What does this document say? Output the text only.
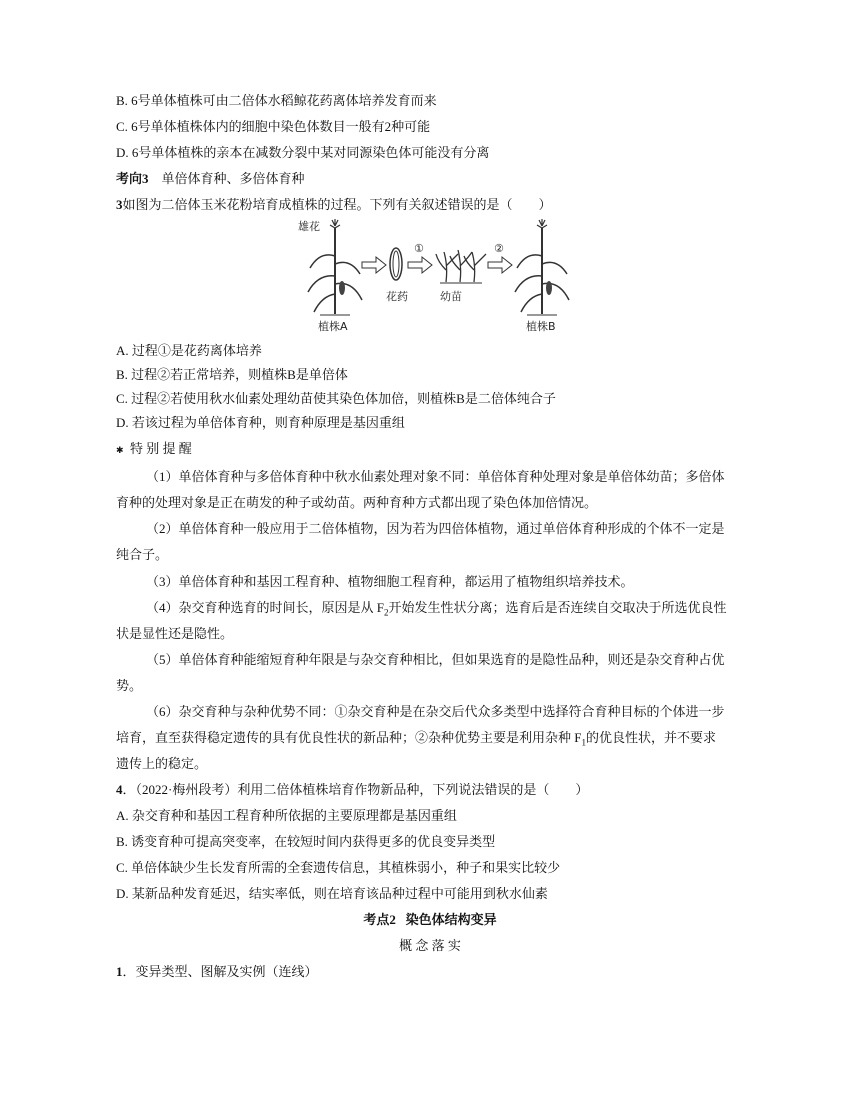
B. 6号单体植株可由二倍体水稻鲸花药离体培养发育而来
C. 6号单体植株体内的细胞中染色体数目一般有2种可能
D. 6号单体植株的亲本在减数分裂中某对同源染色体可能没有分离
考向3 单倍体育种、多倍体育种
3如图为二倍体玉米花粉培育成植株的过程。下列有关叙述错误的是（　　）
雄花
植株A
花药
①
幼苗
②
植株B
A. 过程①是花药离体培养
B. 过程②若正常培养，则植株B是单倍体
C. 过程②若使用秋水仙素处理幼苗使其染色体加倍，则植株B是二倍体纯合子
D. 若该过程为单倍体育种，则育种原理是基因重组
✱ 特 别 提 醒
（1）单倍体育种与多倍体育种中秋水仙素处理对象不同：单倍体育种处理对象是单倍体幼苗；多倍体
育种的处理对象是正在萌发的种子或幼苗。两种育种方式都出现了染色体加倍情况。
（2）单倍体育种一般应用于二倍体植物，因为若为四倍体植物，通过单倍体育种形成的个体不一定是
纯合子。
（3）单倍体育种和基因工程育种、植物细胞工程育种，都运用了植物组织培养技术。
（4）杂交育种选育的时间长，原因是从 $F_2$开始发生性状分离；选育后是否连续自交取决于所选优良性
状是显性还是隐性。
（5）单倍体育种能缩短育种年限是与杂交育种相比，但如果选育的是隐性品种，则还是杂交育种占优
势。
（6）杂交育种与杂种优势不同：①杂交育种是在杂交后代众多类型中选择符合育种目标的个体进一步
培育，直至获得稳定遗传的具有优良性状的新品种；②杂种优势主要是利用杂种 $F_1$的优良性状，并不要求
遗传上的稳定。
4．（2022·梅州段考）利用二倍体植株培育作物新品种，下列说法错误的是（　　）
A. 杂交育种和基因工程育种所依据的主要原理都是基因重组
B. 诱变育种可提高突变率，在较短时间内获得更多的优良变异类型
C. 单倍体缺少生长发育所需的全套遗传信息，其植株弱小，种子和果实比较少
D. 某新品种发育延迟，结实率低，则在培育该品种过程中可能用到秋水仙素
考点2 染色体结构变异
概 念 落 实
1．变异类型、图解及实例（连线）
